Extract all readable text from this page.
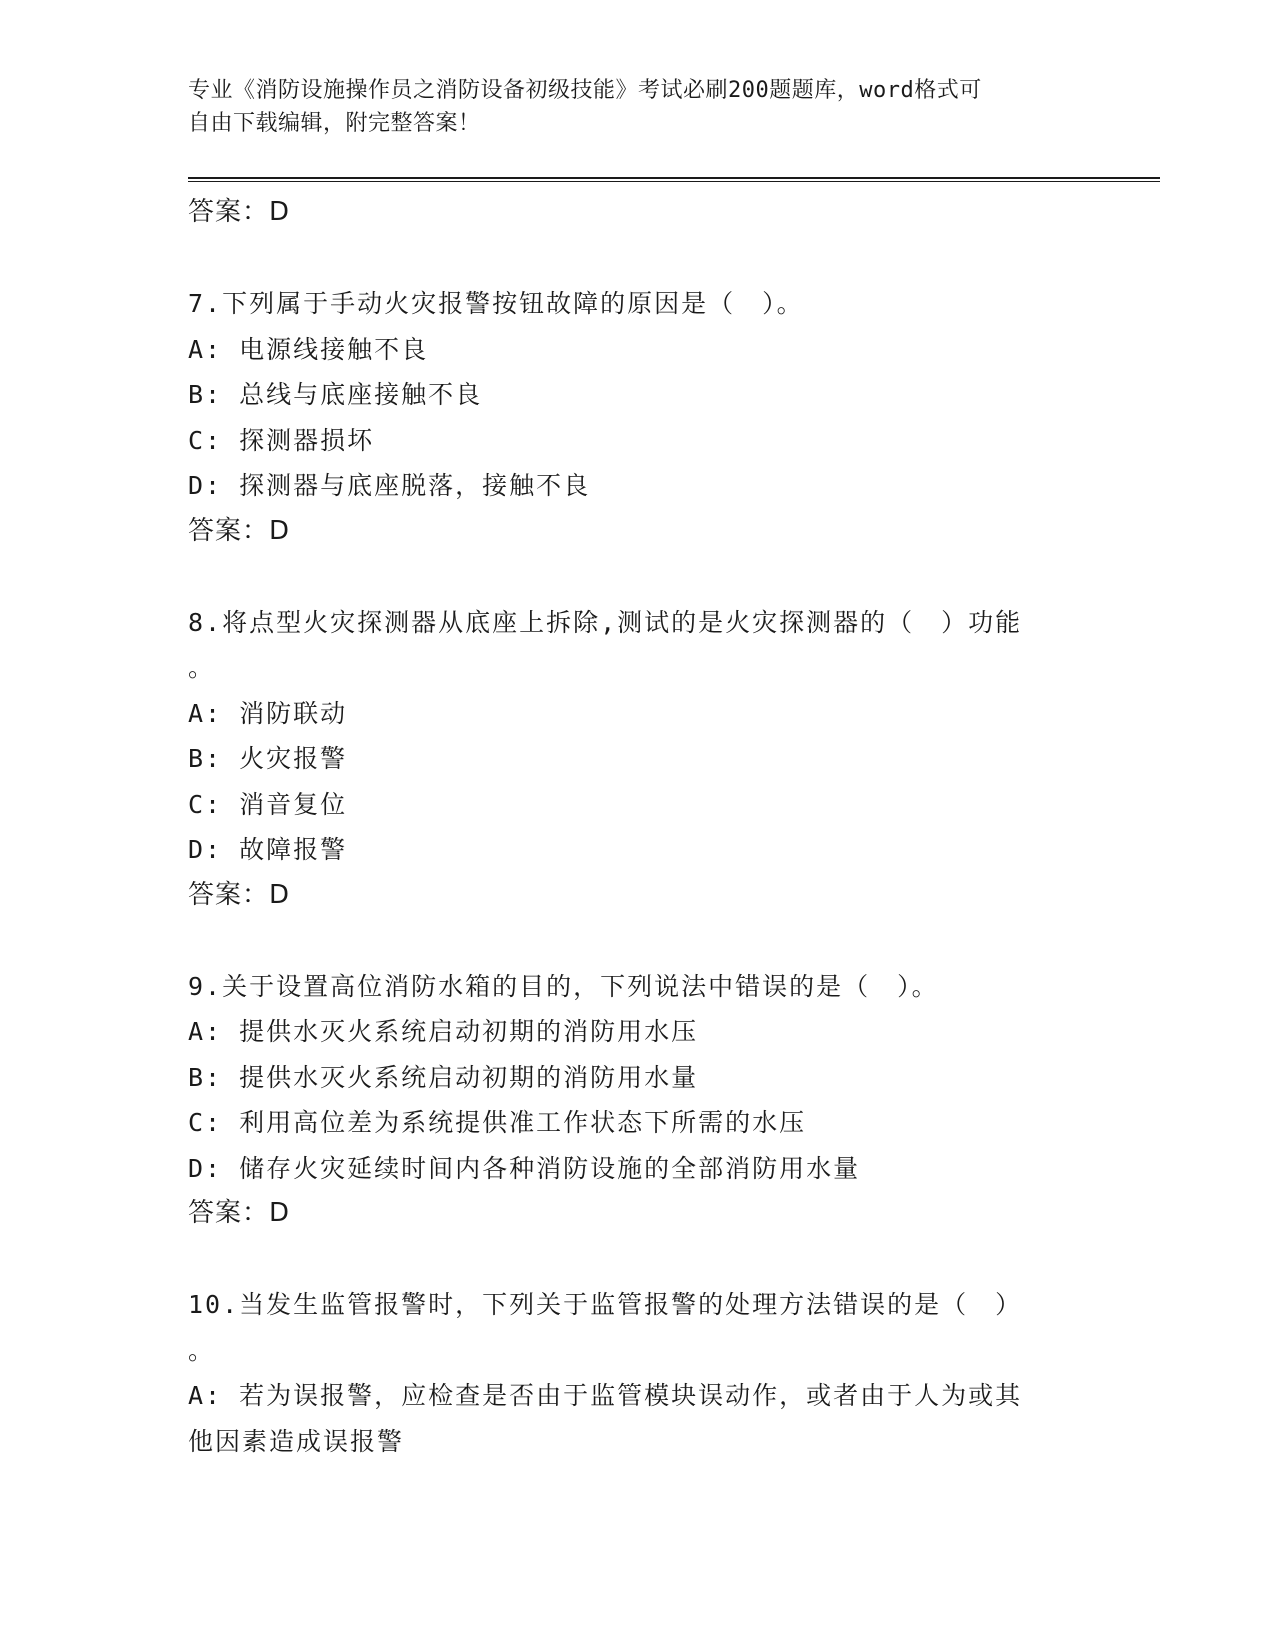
专业《消防设施操作员之消防设备初级技能》考试必刷200题题库，word格式可
自由下载编辑，附完整答案！
答案：D
7.下列属于手动火灾报警按钮故障的原因是（　）。
A: 电源线接触不良
B: 总线与底座接触不良
C: 探测器损坏
D: 探测器与底座脱落，接触不良
答案：D
8.将点型火灾探测器从底座上拆除,测试的是火灾探测器的（　）功能
。
A: 消防联动
B: 火灾报警
C: 消音复位
D: 故障报警
答案：D
9.关于设置高位消防水箱的目的，下列说法中错误的是（　）。
A: 提供水灭火系统启动初期的消防用水压
B: 提供水灭火系统启动初期的消防用水量
C: 利用高位差为系统提供准工作状态下所需的水压
D: 储存火灾延续时间内各种消防设施的全部消防用水量
答案：D
10.当发生监管报警时，下列关于监管报警的处理方法错误的是（　）
。
A: 若为误报警，应检查是否由于监管模块误动作，或者由于人为或其
他因素造成误报警
